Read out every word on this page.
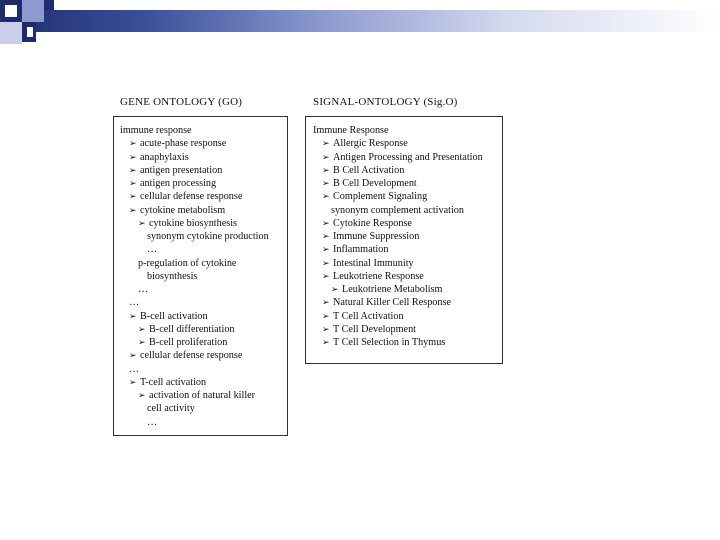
GENE ONTOLOGY (GO)	SIGNAL-ONTOLOGY (Sig.O)
immune response
➢ acute-phase response
➢ anaphylaxis
➢ antigen presentation
➢ antigen processing
➢ cellular defense response
➢ cytokine metabolism
➢ cytokine biosynthesis
synonym cytokine production
…
p-regulation of cytokine
biosynthesis
…
…
➢ B-cell activation
➢ B-cell differentiation
➢ B-cell proliferation
➢ cellular defense response
…
➢ T-cell activation
➢ activation of natural killer
cell activity
…
Immune Response
➢ Allergic Response
➢ Antigen Processing and Presentation
➢ B Cell Activation
➢ B Cell Development
➢ Complement Signaling
synonym complement activation
➢ Cytokine Response
➢ Immune Suppression
➢ Inflammation
➢ Intestinal Immunity
➢ Leukotriene Response
➢ Leukotriene Metabolism
➢ Natural Killer Cell Response
➢ T Cell Activation
➢ T Cell Development
➢ T Cell Selection in Thymus
